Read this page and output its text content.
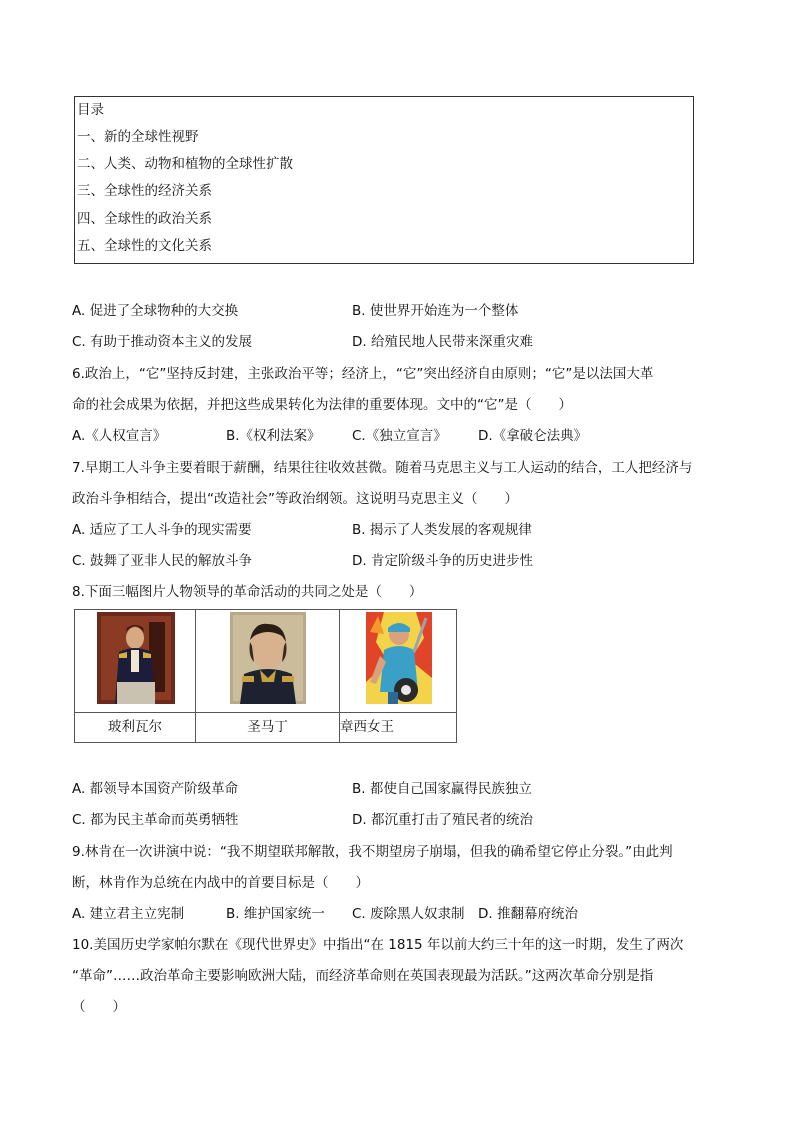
目录
一、新的全球性视野
二、人类、动物和植物的全球性扩散
三、全球性的经济关系
四、全球性的政治关系
五、全球性的文化关系
A. 促进了全球物种的大交换	B. 使世界开始连为一个整体
C. 有助于推动资本主义的发展	D. 给殖民地人民带来深重灾难
6.政治上，“它”坚持反封建，主张政治平等；经济上，“它”突出经济自由原则；“它”是以法国大革
命的社会成果为依据，并把这些成果转化为法律的重要体现。文中的“它”是（　　）
A.《人权宣言》	B.《权利法案》 C.《独立宣言》 D.《拿破仑法典》
7.早期工人斗争主要着眼于薪酬，结果往往收效甚微。随着马克思主义与工人运动的结合，工人把经济与
政治斗争相结合，提出“改造社会”等政治纲领。这说明马克思主义（　　）
A. 适应了工人斗争的现实需要	B. 揭示了人类发展的客观规律
C. 鼓舞了亚非人民的解放斗争	D. 肯定阶级斗争的历史进步性
8.下面三幅图片人物领导的革命活动的共同之处是（　　）

玻利瓦尔	圣马丁	章西女王
A. 都领导本国资产阶级革命	B. 都使自己国家赢得民族独立
C. 都为民主革命而英勇牺牲	D. 都沉重打击了殖民者的统治
9.林肯在一次讲演中说：“我不期望联邦解散，我不期望房子崩塌，但我的确希望它停止分裂。”由此判
断，林肯作为总统在内战中的首要目标是（　　）
A. 建立君主立宪制	B. 维护国家统一 C. 废除黑人奴隶制 D. 推翻幕府统治
10.美国历史学家帕尔默在《现代世界史》中指出“在 1815 年以前大约三十年的这一时期，发生了两次
“革命”……政治革命主要影响欧洲大陆，而经济革命则在英国表现最为活跃。”这两次革命分别是指
（　　）
